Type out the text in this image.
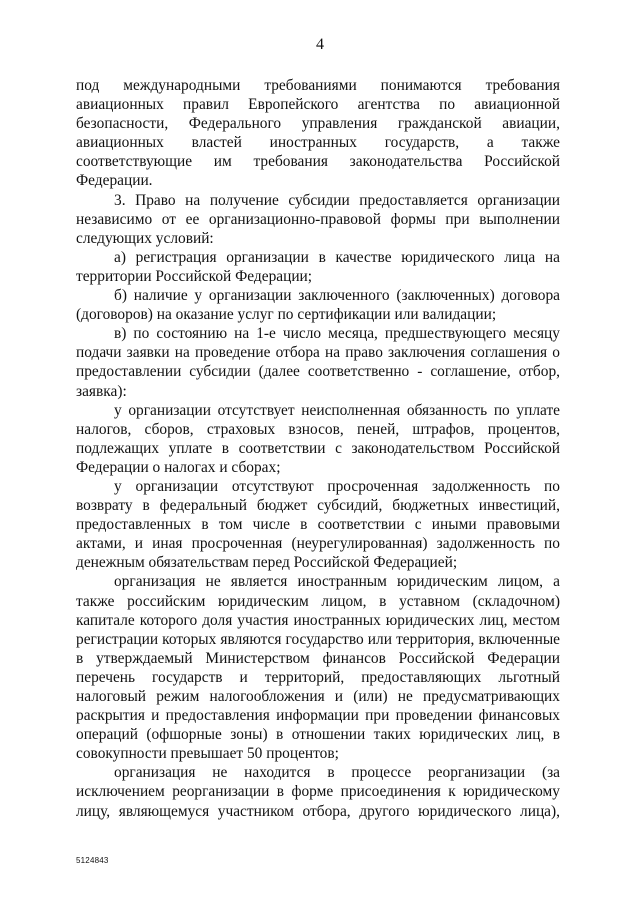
4

под международными требованиями понимаются требования авиационных правил Европейского агентства по авиационной безопасности, Федерального управления гражданской авиации, авиационных властей иностранных государств, а также соответствующие им требования законодательства Российской Федерации.

3. Право на получение субсидии предоставляется организации независимо от ее организационно-правовой формы при выполнении следующих условий:

а) регистрация организации в качестве юридического лица на территории Российской Федерации;

б) наличие у организации заключенного (заключенных) договора (договоров) на оказание услуг по сертификации или валидации;

в) по состоянию на 1-е число месяца, предшествующего месяцу подачи заявки на проведение отбора на право заключения соглашения о предоставлении субсидии (далее соответственно - соглашение, отбор, заявка):

у организации отсутствует неисполненная обязанность по уплате налогов, сборов, страховых взносов, пеней, штрафов, процентов, подлежащих уплате в соответствии с законодательством Российской Федерации о налогах и сборах;

у организации отсутствуют просроченная задолженность по возврату в федеральный бюджет субсидий, бюджетных инвестиций, предоставленных в том числе в соответствии с иными правовыми актами, и иная просроченная (неурегулированная) задолженность по денежным обязательствам перед Российской Федерацией;

организация не является иностранным юридическим лицом, а также российским юридическим лицом, в уставном (складочном) капитале которого доля участия иностранных юридических лиц, местом регистрации которых являются государство или территория, включенные в утверждаемый Министерством финансов Российской Федерации перечень государств и территорий, предоставляющих льготный налоговый режим налогообложения и (или) не предусматривающих раскрытия и предоставления информации при проведении финансовых операций (офшорные зоны) в отношении таких юридических лиц, в совокупности превышает 50 процентов;

организация не находится в процессе реорганизации (за исключением реорганизации в форме присоединения к юридическому лицу, являющемуся участником отбора, другого юридического лица),

5124843
